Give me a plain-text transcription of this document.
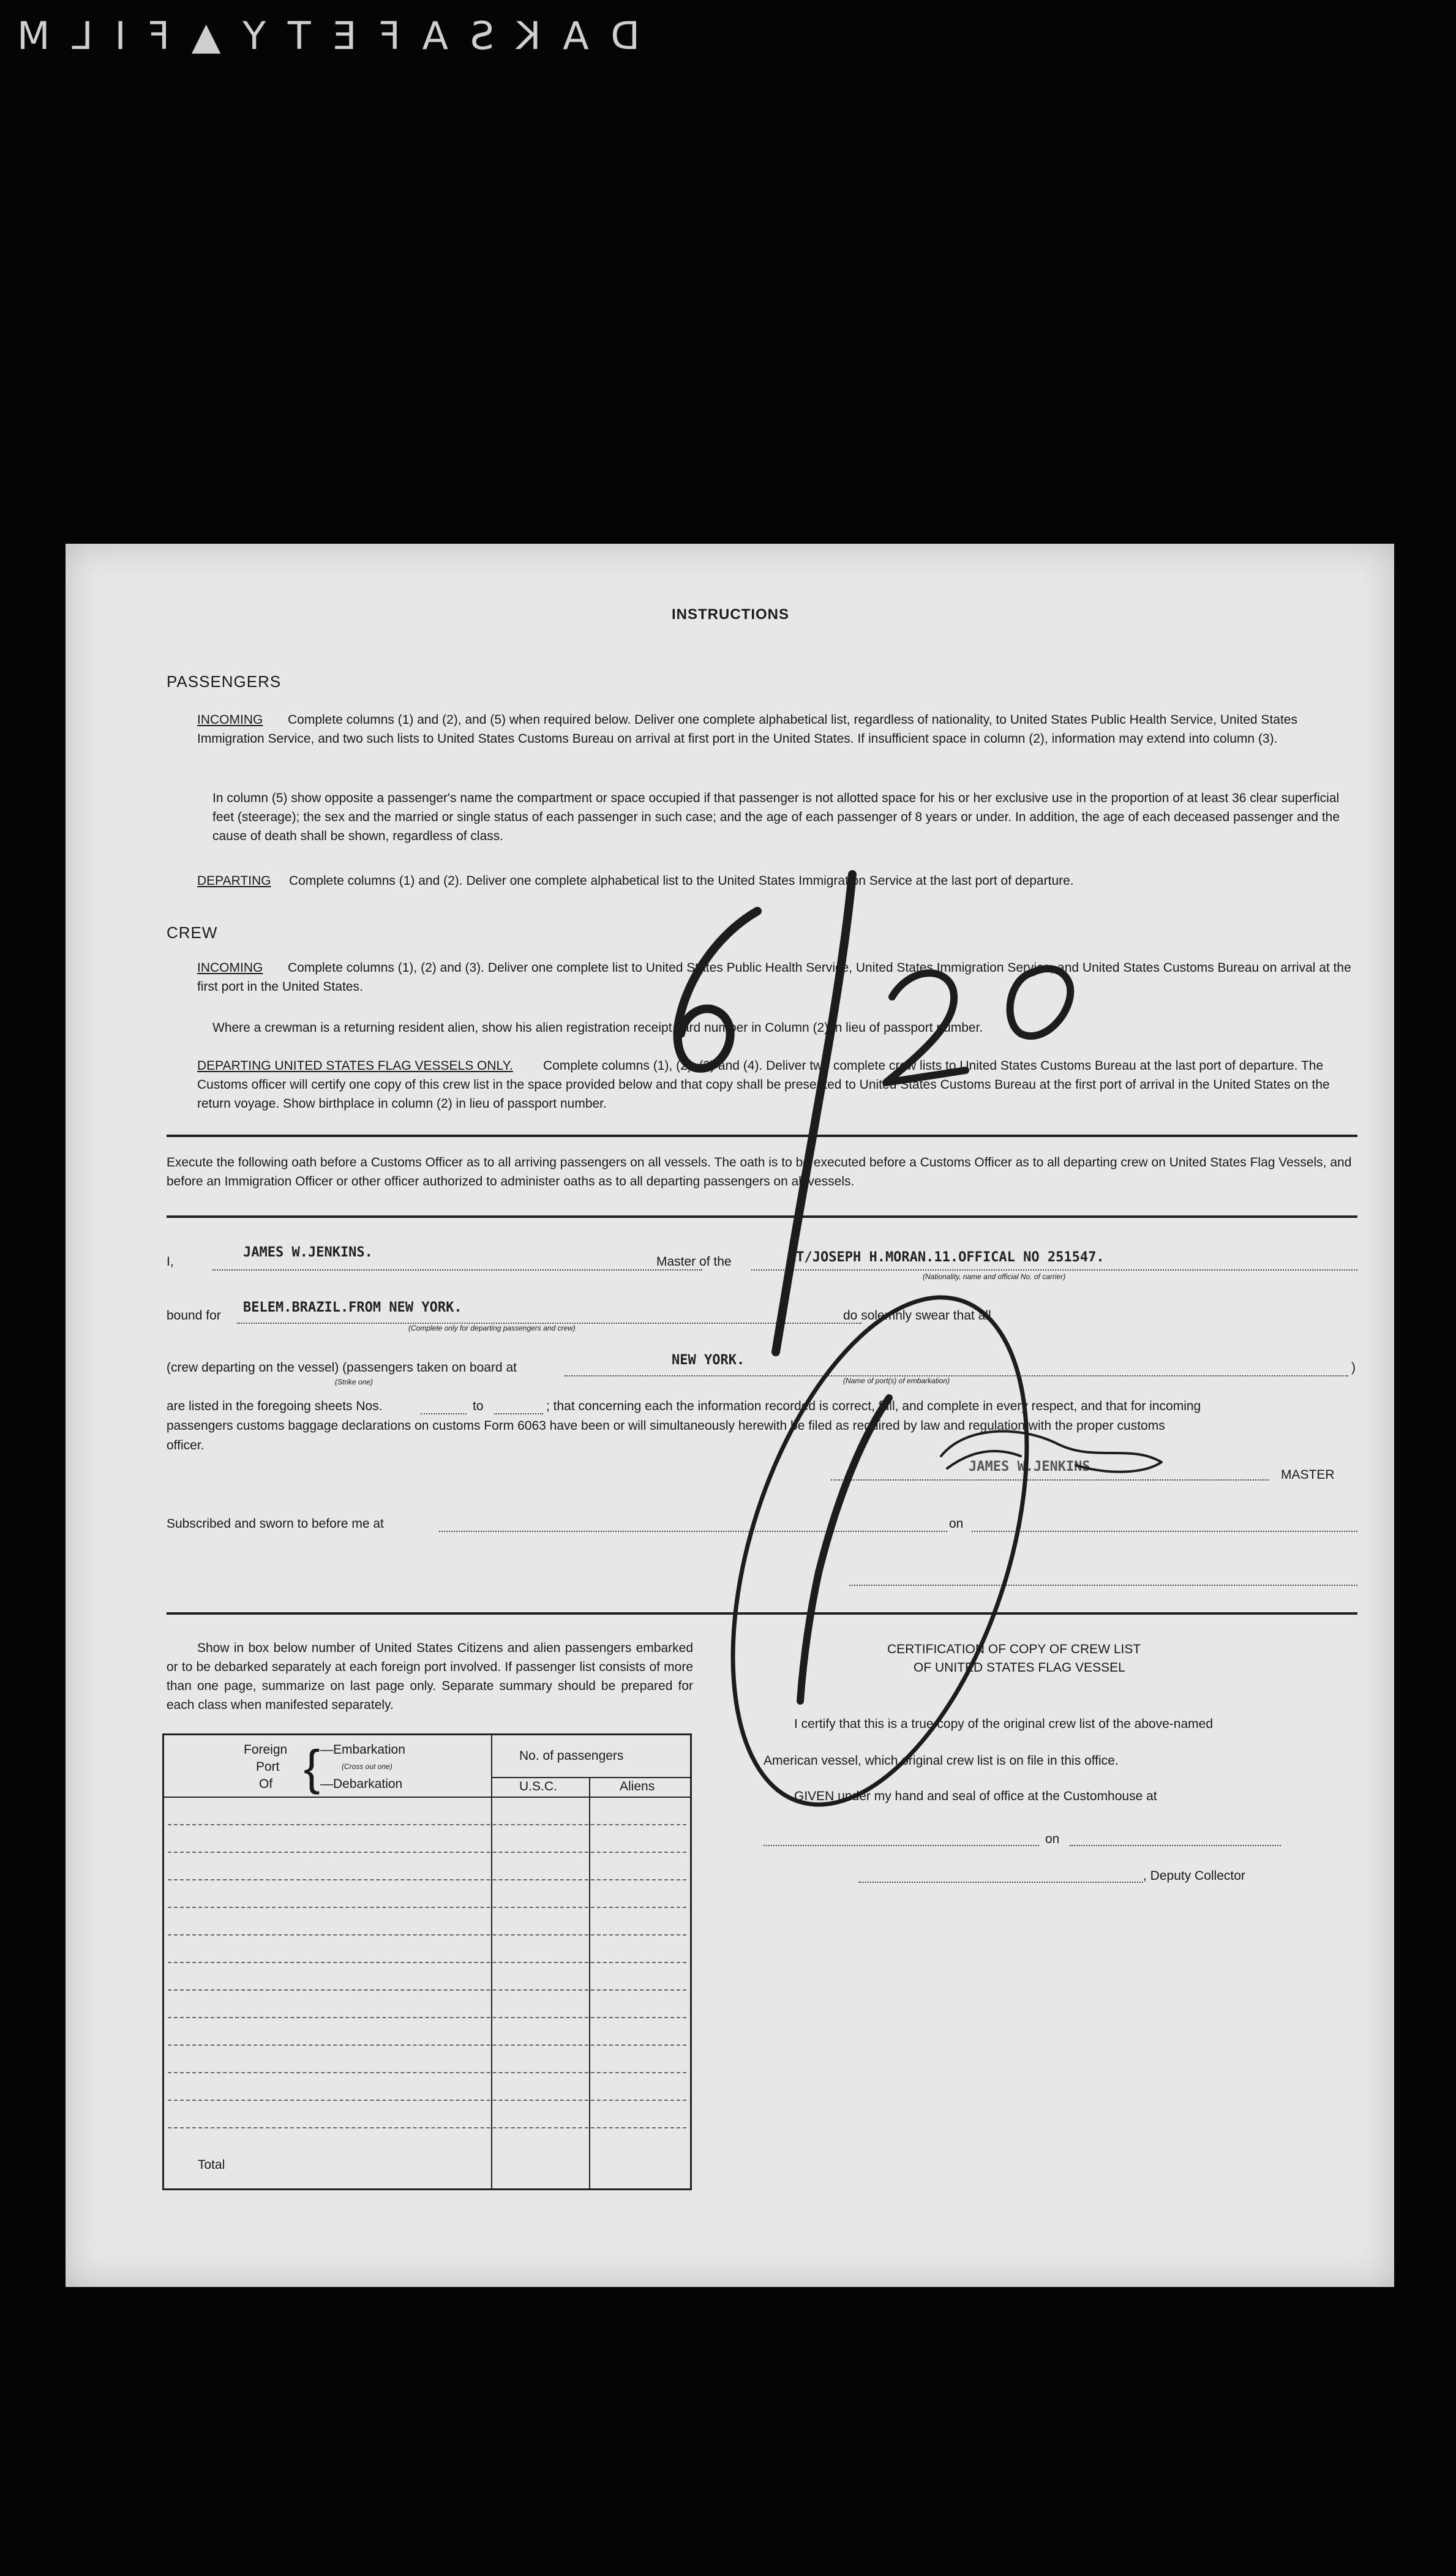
D A K S A F E T Y ▲ F I L M
INSTRUCTIONS
PASSENGERS
INCOMING	Complete columns (1) and (2), and (5) when required below. Deliver one complete alphabetical list, regardless of nationality, to United States Public Health Service, United States Immigration Service, and two such lists to United States Customs Bureau on arrival at first port in the United States. If insufficient space in column (2), information may extend into column (3).
In column (5) show opposite a passenger's name the compartment or space occupied if that passenger is not allotted space for his or her exclusive use in the proportion of at least 36 clear superficial feet (steerage); the sex and the married or single status of each passenger in such case; and the age of each passenger of 8 years or under. In addition, the age of each deceased passenger and the cause of death shall be shown, regardless of class.
DEPARTING Complete columns (1) and (2). Deliver one complete alphabetical list to the United States Immigration Service at the last port of departure.
CREW
INCOMING	Complete columns (1), (2) and (3). Deliver one complete list to United States Public Health Service, United States Immigration Service, and United States Customs Bureau on arrival at the first port in the United States.
Where a crewman is a returning resident alien, show his alien registration receipt card number in Column (2) in lieu of passport number.
DEPARTING UNITED STATES FLAG VESSELS ONLY.	Complete columns (1), (2), (3) and (4). Deliver two complete crew lists to United States Customs Bureau at the last port of departure. The Customs officer will certify one copy of this crew list in the space provided below and that copy shall be presented to United States Customs Bureau at the first port of arrival in the United States on the return voyage. Show birthplace in column (2) in lieu of passport number.
Execute the following oath before a Customs Officer as to all arriving passengers on all vessels. The oath is to be executed before a Customs Officer as to all departing crew on United States Flag Vessels, and before an Immigration Officer or other officer authorized to administer oaths as to all departing passengers on all vessels.
I,
JAMES W.JENKINS.
Master of the	MT/JOSEPH H.MORAN.11.OFFICAL NO 251547.
(Nationality, name and official No. of carrier)
bound for
BELEM.BRAZIL.FROM NEW YORK.
(Complete only for departing passengers and crew)
do solemnly swear that all
(crew departing on the vessel) (passengers taken on board at
(Strike one)
NEW YORK.
(Name of port(s) of embarkation)
)
are listed in the foregoing sheets Nos.	to	; that concerning each the information recorded is correct, full, and complete in every respect, and that for incoming
passengers customs baggage declarations on customs Form 6063 have been or will simultaneously herewith be filed as required by law and regulation with the proper customs
officer.
JAMES W.JENKINS.
MASTER
Subscribed and sworn to before me at	on
Show in box below number of United States Citizens and alien passengers embarked or to be debarked separately at each foreign port involved. If passenger list consists of more than one page, summarize on last page only. Separate summary should be prepared for each class when manifested separately.
Foreign
Port
Of { —Embarkation
(Cross out one)
—Debarkation
No. of passengers
U.S.C.	Aliens
Total
CERTIFICATION OF COPY OF CREW LIST
OF UNITED STATES FLAG VESSEL
I certify that this is a true copy of the original crew list of the above-named
American vessel, which original crew list is on file in this office.
GIVEN under my hand and seal of office at the Customhouse at
on
, Deputy Collector
